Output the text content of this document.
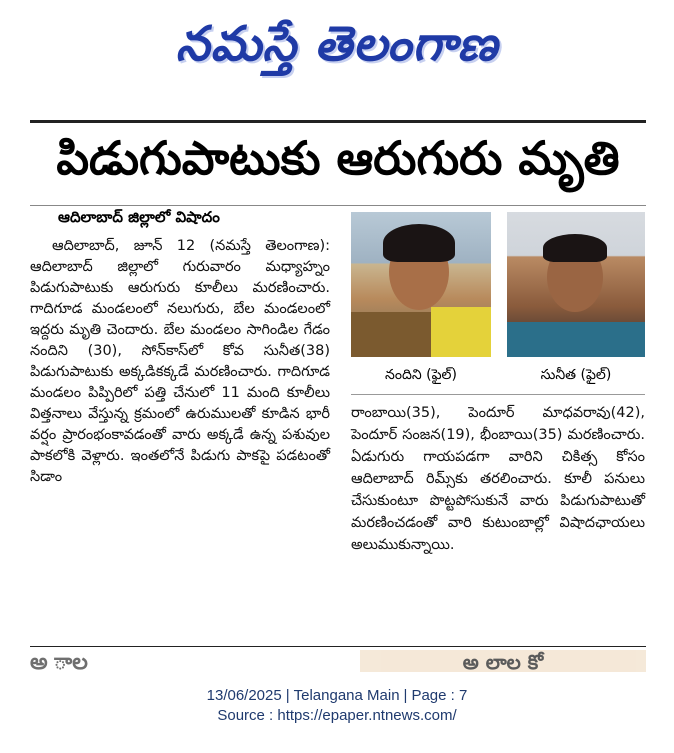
నమస్తే తెలంగాణ
పిడుగుపాటుకు ఆరుగురు మృతి
ఆదిలాబాద్ జిల్లాలో విషాదం

ఆదిలాబాద్, జూన్ 12 (నమస్తే తెలంగాణ): ఆదిలాబాద్ జిల్లాలో గురువారం మధ్యాహ్నం పిడుగుపాటుకు ఆరుగురు కూలీలు మరణించారు. గాదిగూడ మండలంలో నలుగురు, బేల మండలంలో ఇద్దరు మృతి చెందారు. బేల మండలం సాగిండిల గేడం నందిని (30), సోన్‌కాస్‌లో కోవ సునీత(38) పిడుగుపాటుకు అక్కడికక్కడే మరణించారు. గాదిగూడ మండలం పిప్పిరిలో పత్తి చేనులో 11 మంది కూలీలు విత్తనాలు వేస్తున్న క్రమంలో ఉరుములతో కూడిన భారీ వర్షం ప్రారంభంకావడంతో వారు అక్కడే ఉన్న పశువుల పాకలోకి వెళ్లారు. ఇంతలోనే పిడుగు పాకపై పడటంతో సిడాం

నందిని (ఫైల్)	సునీత (ఫైల్)

రాంబాయి(35), పెందూర్ మాధవరావు(42), పెందూర్ సంజన(19), భీంబాయి(35) మరణించారు. ఏడుగురు గాయపడగా వారిని చికిత్స కోసం ఆదిలాబాద్ రిమ్స్‌కు తరలించారు. కూలీ పనులు చేసుకుంటూ పొట్టపోసుకునే వారు పిడుగుపాటుతో మరణించడంతో వారి కుటుంబాల్లో విషాదఛాయలు అలుముకున్నాయి.

అ ాల	అ లాల కో
13/06/2025 | Telangana Main | Page : 7
Source : https://epaper.ntnews.com/
